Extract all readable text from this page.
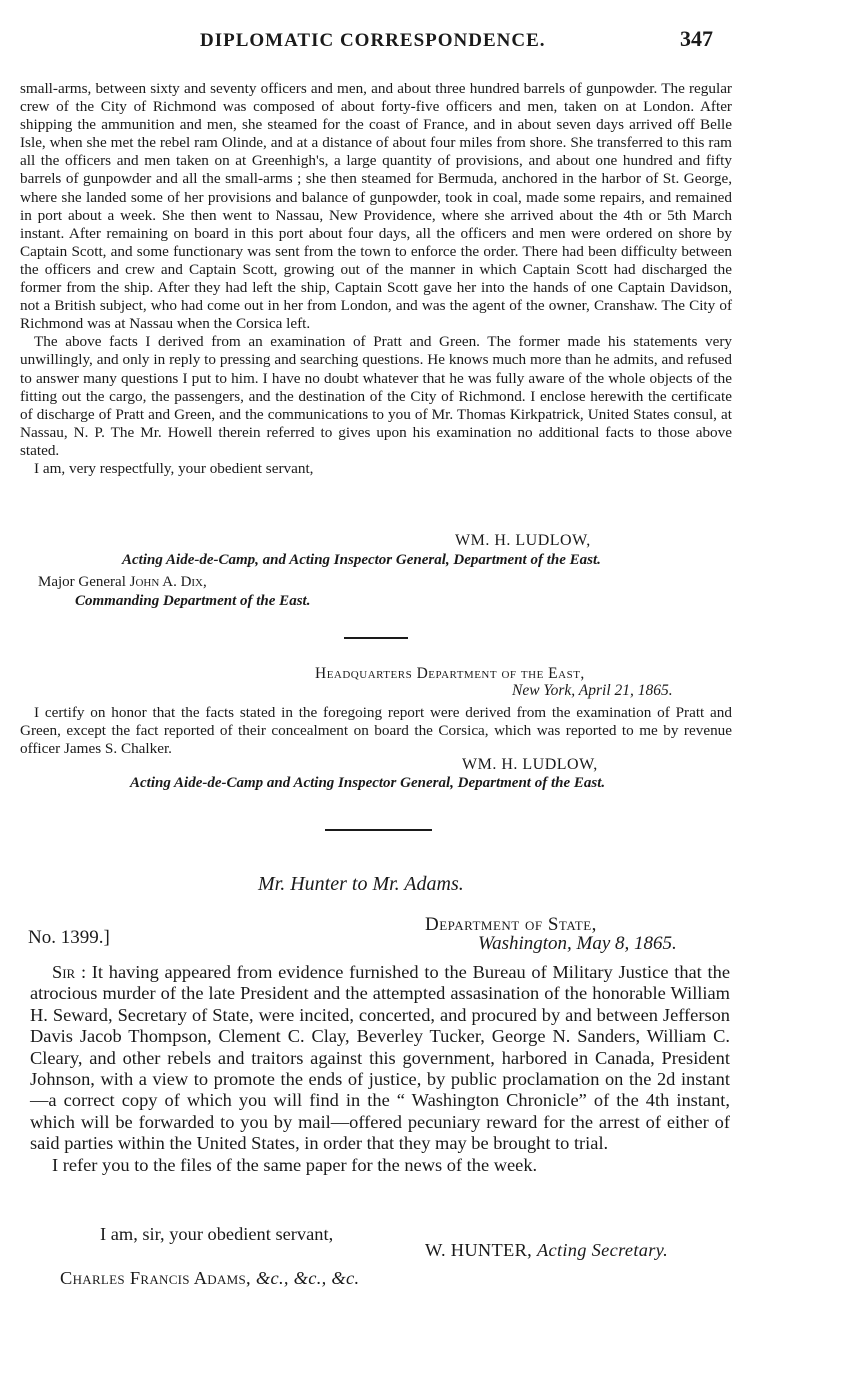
DIPLOMATIC CORRESPONDENCE.	347

small-arms, between sixty and seventy officers and men, and about three hundred barrels of gunpowder. The regular crew of the City of Richmond was composed of about forty-five officers and men, taken on at London. After shipping the ammunition and men, she steamed for the coast of France, and in about seven days arrived off Belle Isle, when she met the rebel ram Olinde, and at a distance of about four miles from shore. She transferred to this ram all the officers and men taken on at Greenhigh's, a large quantity of provisions, and about one hundred and fifty barrels of gunpowder and all the small-arms ; she then steamed for Bermuda, anchored in the harbor of St. George, where she landed some of her provisions and balance of gunpowder, took in coal, made some repairs, and remained in port about a week. She then went to Nassau, New Providence, where she arrived about the 4th or 5th March instant. After remaining on board in this port about four days, all the officers and men were ordered on shore by Captain Scott, and some functionary was sent from the town to enforce the order. There had been difficulty between the officers and crew and Captain Scott, growing out of the manner in which Captain Scott had discharged the former from the ship. After they had left the ship, Captain Scott gave her into the hands of one Captain Davidson, not a British subject, who had come out in her from London, and was the agent of the owner, Cranshaw. The City of Richmond was at Nassau when the Corsica left.

The above facts I derived from an examination of Pratt and Green. The former made his statements very unwillingly, and only in reply to pressing and searching questions. He knows much more than he admits, and refused to answer many questions I put to him. I have no doubt whatever that he was fully aware of the whole objects of the fitting out the cargo, the passengers, and the destination of the City of Richmond. I enclose herewith the certificate of discharge of Pratt and Green, and the communications to you of Mr. Thomas Kirkpatrick, United States consul, at Nassau, N. P. The Mr. Howell therein referred to gives upon his examination no additional facts to those above stated.

I am, very respectfully, your obedient servant,

WM. H. LUDLOW,
Acting Aide-de-Camp, and Acting Inspector General, Department of the East.
Major General John A. Dix,
Commanding Department of the East.
Headquarters Department of the East,
New York, April 21, 1865.

I certify on honor that the facts stated in the foregoing report were derived from the examination of Pratt and Green, except the fact reported of their concealment on board the Corsica, which was reported to me by revenue officer James S. Chalker.

WM. H. LUDLOW,
Acting Aide-de-Camp and Acting Inspector General, Department of the East.
Mr. Hunter to Mr. Adams.
No. 1399.]
Department of State,
Washington, May 8, 1865.

Sir : It having appeared from evidence furnished to the Bureau of Military Justice that the atrocious murder of the late President and the attempted assasination of the honorable William H. Seward, Secretary of State, were incited, concerted, and procured by and between Jefferson Davis Jacob Thompson, Clement C. Clay, Beverley Tucker, George N. Sanders, William C. Cleary, and other rebels and traitors against this government, harbored in Canada, President Johnson, with a view to promote the ends of justice, by public proclamation on the 2d instant—a correct copy of which you will find in the “ Washington Chronicle” of the 4th instant, which will be forwarded to you by mail—offered pecuniary reward for the arrest of either of said parties within the United States, in order that they may be brought to trial.

I refer you to the files of the same paper for the news of the week.

I am, sir, your obedient servant,
W. HUNTER, Acting Secretary.
Charles Francis Adams, &c., &c., &c.
